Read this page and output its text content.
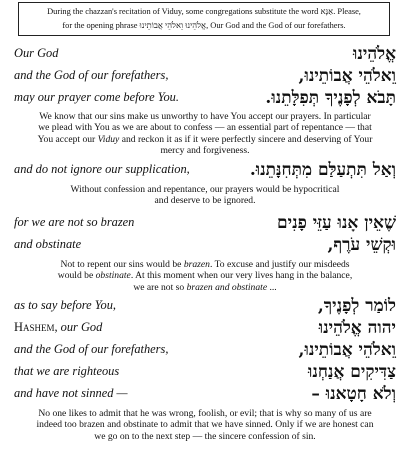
During the chazzan's recitation of Viduy, some congregations substitute the word אַנָּא. Please,
for the opening phrase אֱלֹהֵינוּ וֵאלֹהֵי אֲבוֹתֵינוּ, Our God and the God of our forefathers.
Our God	אֱלֹהֵינוּ
and the God of our forefathers,	וֵאלֹהֵי אֲבוֹתֵינוּ,
may our prayer come before You.	תָּבֹא לְפָנֶיךָ תְּפִלָּתֵנוּ.
We know that our sins make us unworthy to have You accept our prayers. In particular
we plead with You as we are about to confess — an essential part of repentance — that
You accept our Viduy and reckon it as if it were perfectly sincere and deserving of Your
mercy and forgiveness.
and do not ignore our supplication,	וְאַל תִּתְעַלַּם מִתְּחִנָּתֵנוּ.
Without confession and repentance, our prayers would be hypocritical
and deserve to be ignored.
for we are not so brazen	שֶׁאֵין אָנוּ עַזֵּי פָנִים
and obstinate	וּקְשֵׁי עֹרֶף,
Not to repent our sins would be brazen. To excuse and justify our misdeeds
would be obstinate. At this moment when our very lives hang in the balance,
we are not so brazen and obstinate ...
as to say before You,	לוֹמַר לְפָנֶיךָ,
Hashem, our God	יהוה אֱלֹהֵינוּ
and the God of our forefathers,	וֵאלֹהֵי אֲבוֹתֵינוּ,
that we are righteous	צַדִּיקִים אֲנַחְנוּ
and have not sinned —	וְלֹא חָטָאנוּ –
No one likes to admit that he was wrong, foolish, or evil; that is why so many of us are
indeed too brazen and obstinate to admit that we have sinned. Only if we are honest can
we go on to the next step — the sincere confession of sin.
